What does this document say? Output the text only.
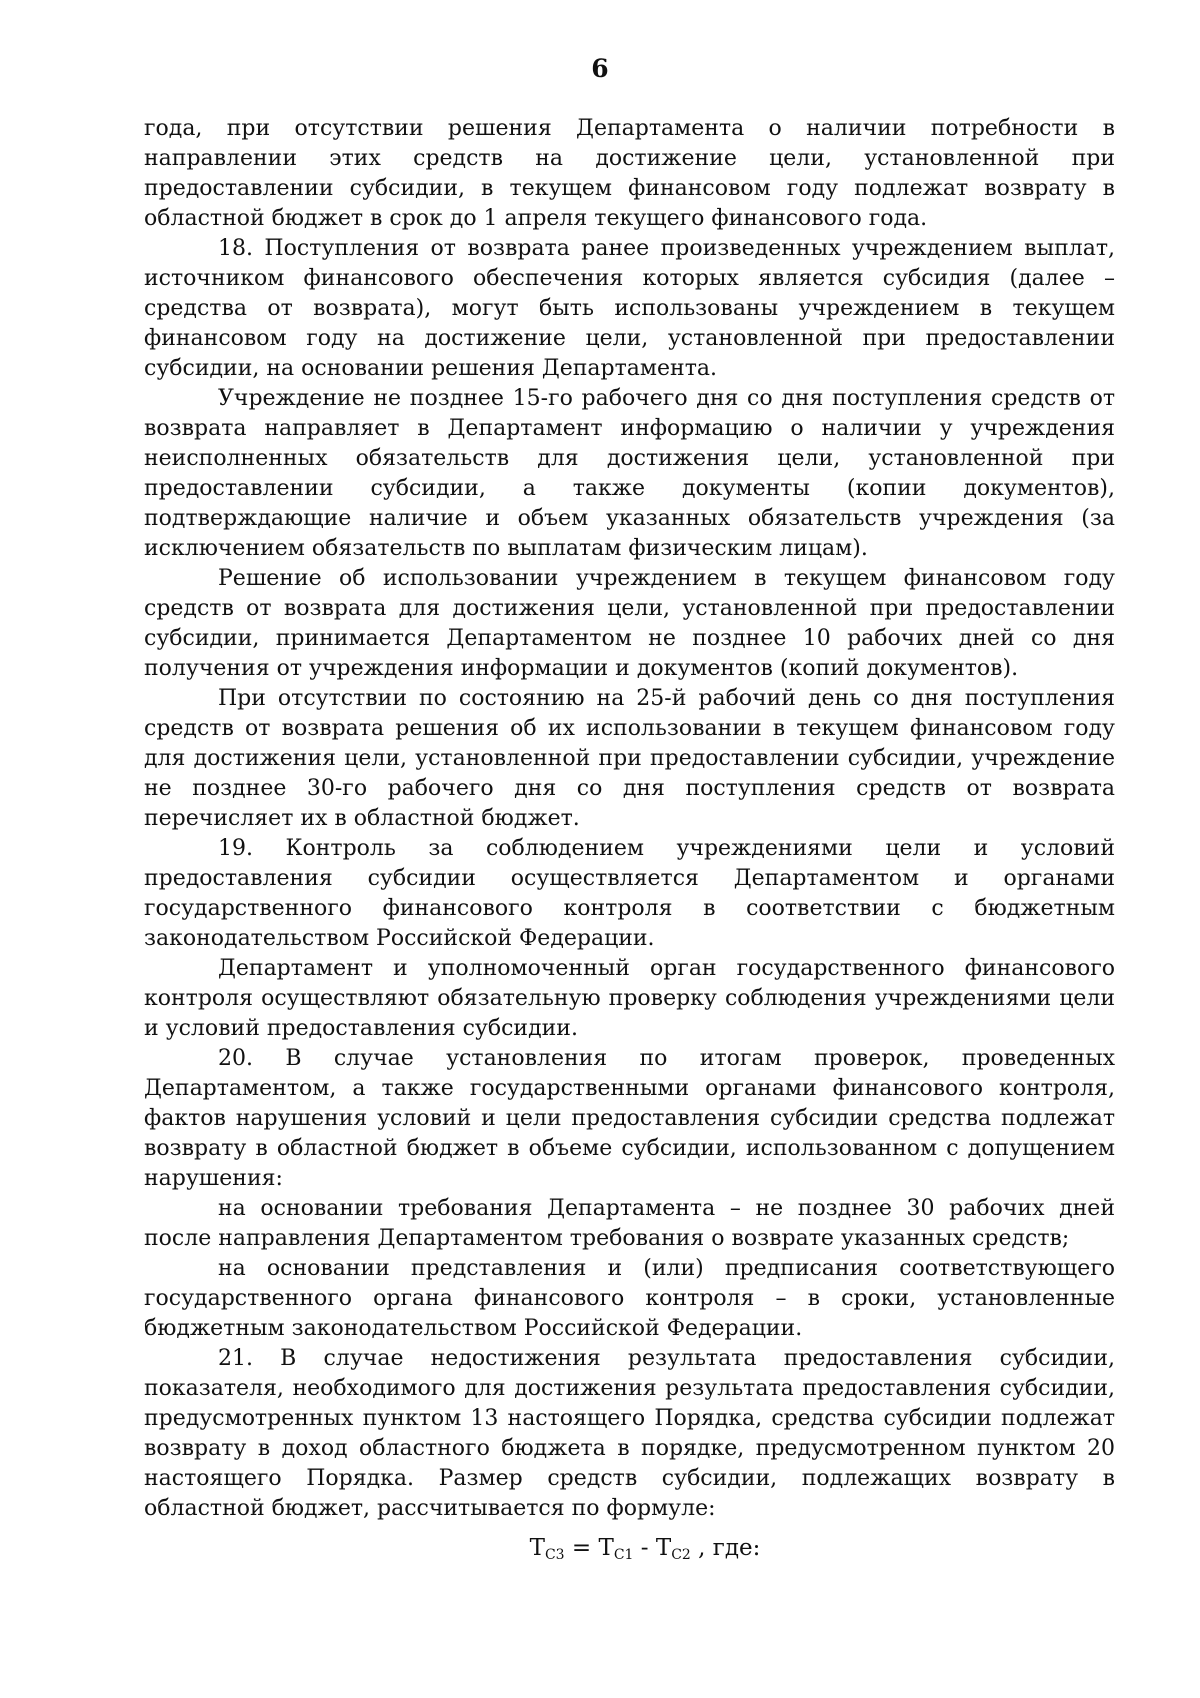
6

года, при отсутствии решения Департамента о наличии потребности в направлении этих средств на достижение цели, установленной при предоставлении субсидии, в текущем финансовом году подлежат возврату в областной бюджет в срок до 1 апреля текущего финансового года.

18. Поступления от возврата ранее произведенных учреждением выплат, источником финансового обеспечения которых является субсидия (далее – средства от возврата), могут быть использованы учреждением в текущем финансовом году на достижение цели, установленной при предоставлении субсидии, на основании решения Департамента.

Учреждение не позднее 15-го рабочего дня со дня поступления средств от возврата направляет в Департамент информацию о наличии у учреждения неисполненных обязательств для достижения цели, установленной при предоставлении субсидии, а также документы (копии документов), подтверждающие наличие и объем указанных обязательств учреждения (за исключением обязательств по выплатам физическим лицам).

Решение об использовании учреждением в текущем финансовом году средств от возврата для достижения цели, установленной при предоставлении субсидии, принимается Департаментом не позднее 10 рабочих дней со дня получения от учреждения информации и документов (копий документов).

При отсутствии по состоянию на 25-й рабочий день со дня поступления средств от возврата решения об их использовании в текущем финансовом году для достижения цели, установленной при предоставлении субсидии, учреждение не позднее 30-го рабочего дня со дня поступления средств от возврата перечисляет их в областной бюджет.

19. Контроль за соблюдением учреждениями цели и условий предоставления субсидии осуществляется Департаментом и органами государственного финансового контроля в соответствии с бюджетным законодательством Российской Федерации.

Департамент и уполномоченный орган государственного финансового контроля осуществляют обязательную проверку соблюдения учреждениями цели и условий предоставления субсидии.

20. В случае установления по итогам проверок, проведенных Департаментом, а также государственными органами финансового контроля, фактов нарушения условий и цели предоставления субсидии средства подлежат возврату в областной бюджет в объеме субсидии, использованном с допущением нарушения:

на основании требования Департамента – не позднее 30 рабочих дней после направления Департаментом требования о возврате указанных средств;

на основании представления и (или) предписания соответствующего государственного органа финансового контроля – в сроки, установленные бюджетным законодательством Российской Федерации.

21. В случае недостижения результата предоставления субсидии, показателя, необходимого для достижения результата предоставления субсидии, предусмотренных пунктом 13 настоящего Порядка, средства субсидии подлежат возврату в доход областного бюджета в порядке, предусмотренном пунктом 20 настоящего Порядка. Размер средств субсидии, подлежащих возврату в областной бюджет, рассчитывается по формуле:

$T_{C3} = T_{C1} - T_{C2}$ , где:
